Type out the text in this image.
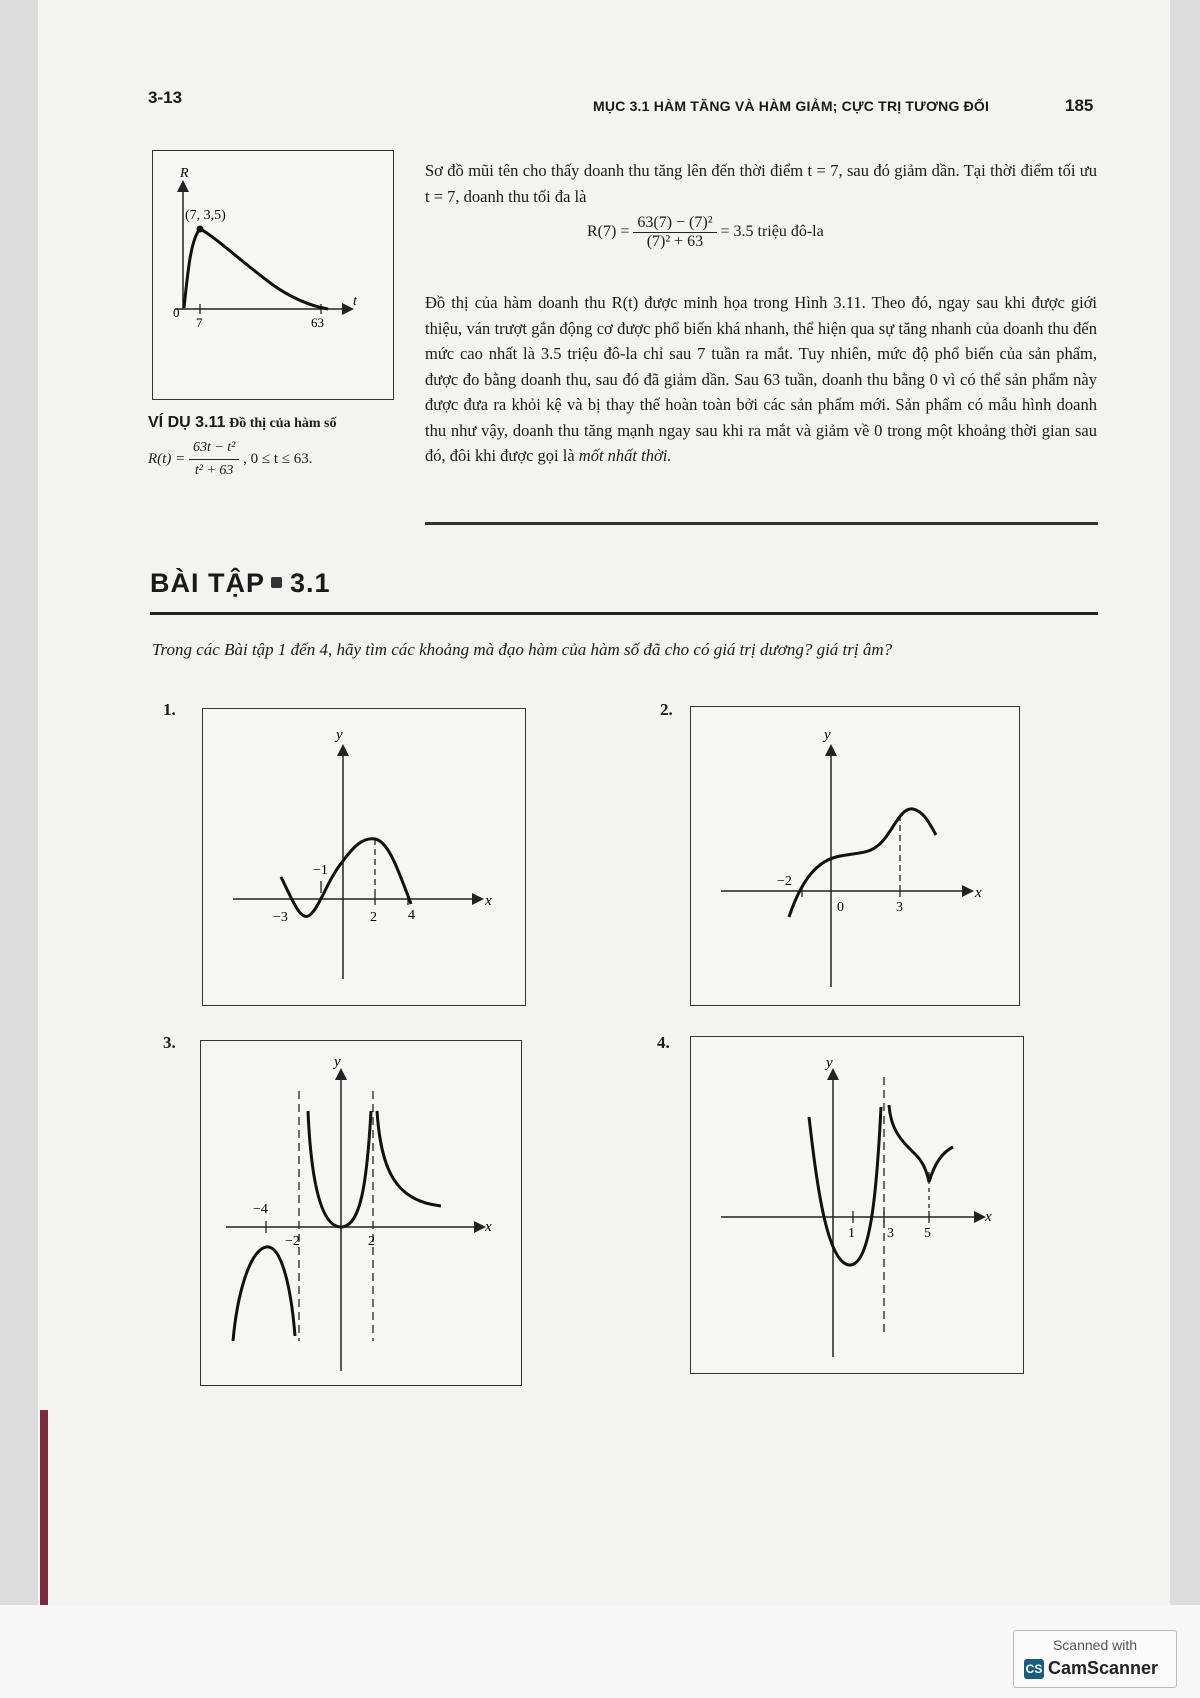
3-13	MỤC 3.1 HÀM TĂNG VÀ HÀM GIẢM; CỰC TRỊ TƯƠNG ĐỐI	185
R
t
(7, 3,5)
0
7	63
VÍ DỤ 3.11 Đồ thị của hàm số
$R(t) = \frac{\text{63t − t²}}{\text{t² + 63}}$ , 0 ≤ t ≤ 63.
Sơ đồ mũi tên cho thấy doanh thu tăng lên đến thời điểm t = 7, sau đó giảm dần. Tại thời điểm tối ưu t = 7, doanh thu tối đa là
$R(7) = \frac{\text{63(7) − (7)²}}{\text{(7)² + 63}} = 3.5$ triệu đô-la
Đồ thị của hàm doanh thu R(t) được minh họa trong Hình 3.11. Theo đó, ngay sau khi được giới thiệu, ván trượt gắn động cơ được phổ biến khá nhanh, thể hiện qua sự tăng nhanh của doanh thu đến mức cao nhất là 3.5 triệu đô-la chỉ sau 7 tuần ra mắt. Tuy nhiên, mức độ phổ biến của sản phẩm, được đo bằng doanh thu, sau đó đã giảm dần. Sau 63 tuần, doanh thu bằng 0 vì có thể sản phẩm này được đưa ra khỏi kệ và bị thay thế hoàn toàn bởi các sản phẩm mới. Sản phẩm có mẫu hình doanh thu như vậy, doanh thu tăng mạnh ngay sau khi ra mắt và giảm về 0 trong một khoảng thời gian sau đó, đôi khi được gọi là mốt nhất thời.
BÀI TẬP 3.1
Trong các Bài tập 1 đến 4, hãy tìm các khoảng mà đạo hàm của hàm số đã cho có giá trị dương? giá trị âm?
1.
y
x
−3
−1
2 4
2.
y
x
−2
0	3
3.
y
x
−4
−2	2
4.
y
x
1 3 5
Scanned with
CS CamScanner
